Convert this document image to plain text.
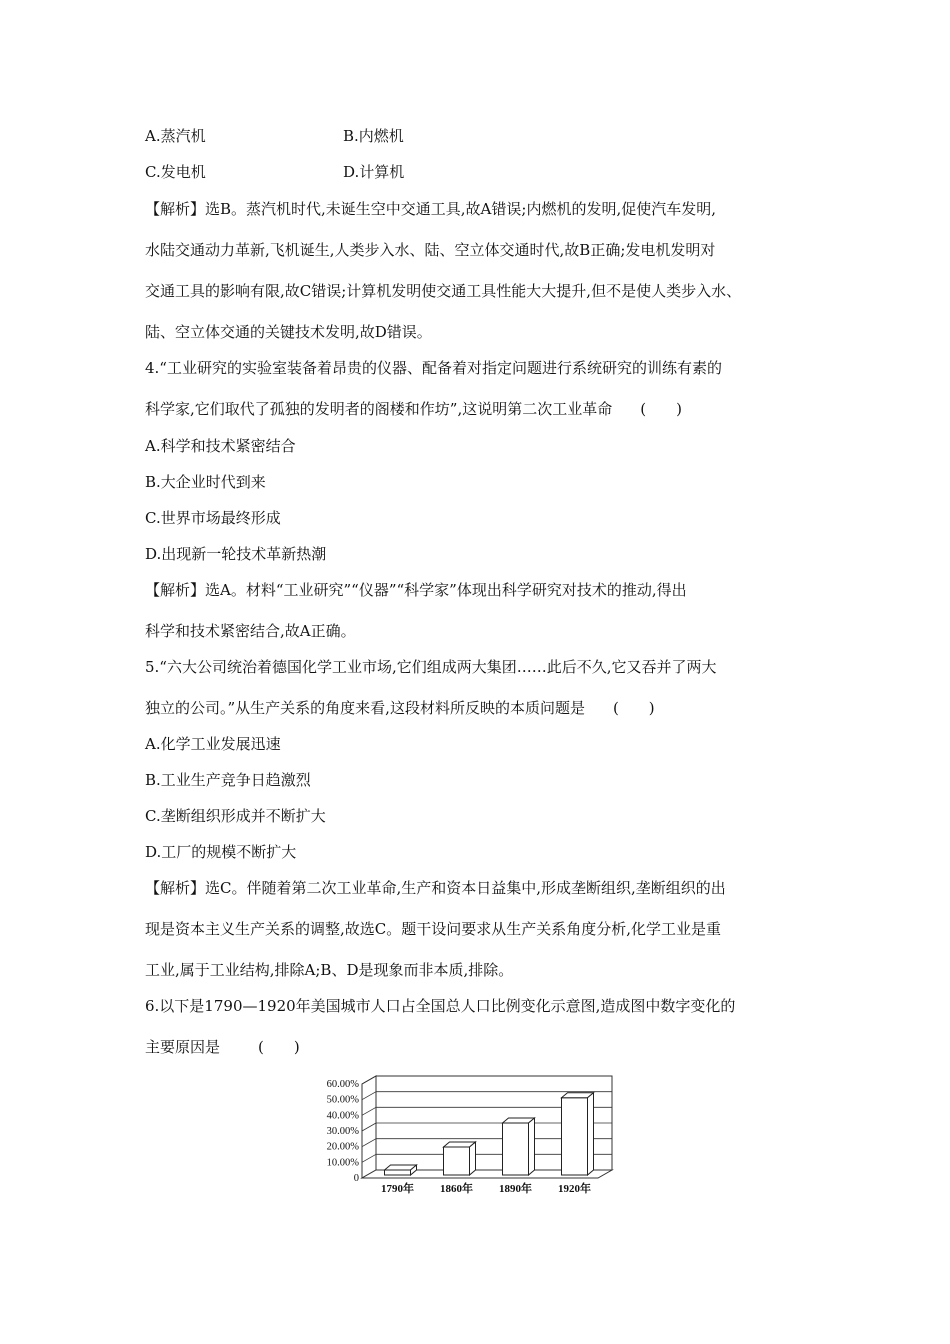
A.蒸汽机	B.内燃机
C.发电机	D.计算机
【解析】选B。蒸汽机时代,未诞生空中交通工具,故A错误;内燃机的发明,促使汽车发明,
水陆交通动力革新,飞机诞生,人类步入水、陆、空立体交通时代,故B正确;发电机发明对
交通工具的影响有限,故C错误;计算机发明使交通工具性能大大提升,但不是使人类步入水、
陆、空立体交通的关键技术发明,故D错误。
4.“工业研究的实验室装备着昂贵的仪器、配备着对指定问题进行系统研究的训练有素的
科学家,它们取代了孤独的发明者的阁楼和作坊”,这说明第二次工业革命 (　　)
A.科学和技术紧密结合
B.大企业时代到来
C.世界市场最终形成
D.出现新一轮技术革新热潮
【解析】选A。材料“工业研究”“仪器”“科学家”体现出科学研究对技术的推动,得出
科学和技术紧密结合,故A正确。
5.“六大公司统治着德国化学工业市场,它们组成两大集团……此后不久,它又吞并了两大
独立的公司。”从生产关系的角度来看,这段材料所反映的本质问题是 (　　)
A.化学工业发展迅速
B.工业生产竞争日趋激烈
C.垄断组织形成并不断扩大
D.工厂的规模不断扩大
【解析】选C。伴随着第二次工业革命,生产和资本日益集中,形成垄断组织,垄断组织的出
现是资本主义生产关系的调整,故选C。题干设问要求从生产关系角度分析,化学工业是重
工业,属于工业结构,排除A;B、D是现象而非本质,排除。
6.以下是1790—1920年美国城市人口占全国总人口比例变化示意图,造成图中数字变化的
主要原因是	(　　)
0
10.00%
20.00%
30.00%
40.00%
50.00%
60.00%
1790年 1860年 1890年 1920年
